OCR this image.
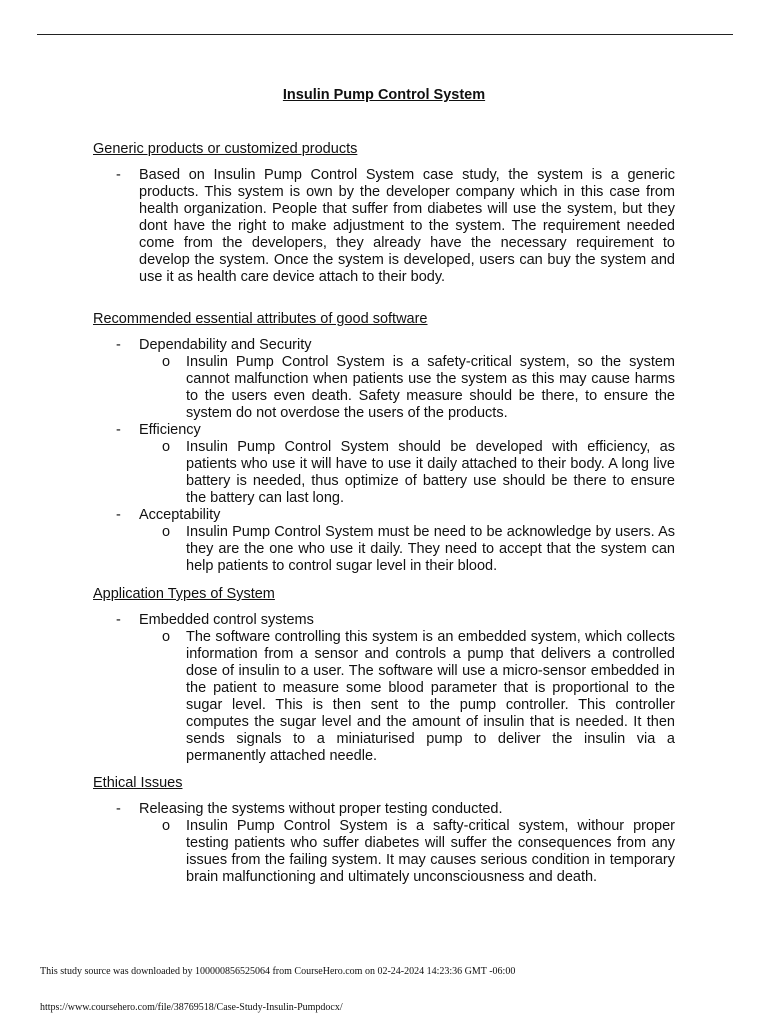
Insulin Pump Control System
Generic products or customized products
- Based on Insulin Pump Control System case study, the system is a generic products. This system is own by the developer company which in this case from health organization. People that suffer from diabetes will use the system, but they dont have the right to make adjustment to the system. The requirement needed come from the developers, they already have the necessary requirement to develop the system. Once the system is developed, users can buy the system and use it as health care device attach to their body.
Recommended essential attributes of good software
- Dependability and Security
o Insulin Pump Control System is a safety-critical system, so the system cannot malfunction when patients use the system as this may cause harms to the users even death. Safety measure should be there, to ensure the system do not overdose the users of the products.
- Efficiency
o Insulin Pump Control System should be developed with efficiency, as patients who use it will have to use it daily attached to their body. A long live battery is needed, thus optimize of battery use should be there to ensure the battery can last long.
- Acceptability
o Insulin Pump Control System must be need to be acknowledge by users. As they are the one who use it daily. They need to accept that the system can help patients to control sugar level in their blood.
Application Types of System
- Embedded control systems
o The software controlling this system is an embedded system, which collects information from a sensor and controls a pump that delivers a controlled dose of insulin to a user. The software will use a micro-sensor embedded in the patient to measure some blood parameter that is proportional to the sugar level. This is then sent to the pump controller. This controller computes the sugar level and the amount of insulin that is needed. It then sends signals to a miniaturised pump to deliver the insulin via a permanently attached needle.
Ethical Issues
- Releasing the systems without proper testing conducted.
o Insulin Pump Control System is a safty-critical system, withour proper testing patients who suffer diabetes will suffer the consequences from any issues from the failing system. It may causes serious condition in temporary brain malfunctioning and ultimately unconsciousness and death.
This study source was downloaded by 100000856525064 from CourseHero.com on 02-24-2024 14:23:36 GMT -06:00
https://www.coursehero.com/file/38769518/Case-Study-Insulin-Pumpdocx/
